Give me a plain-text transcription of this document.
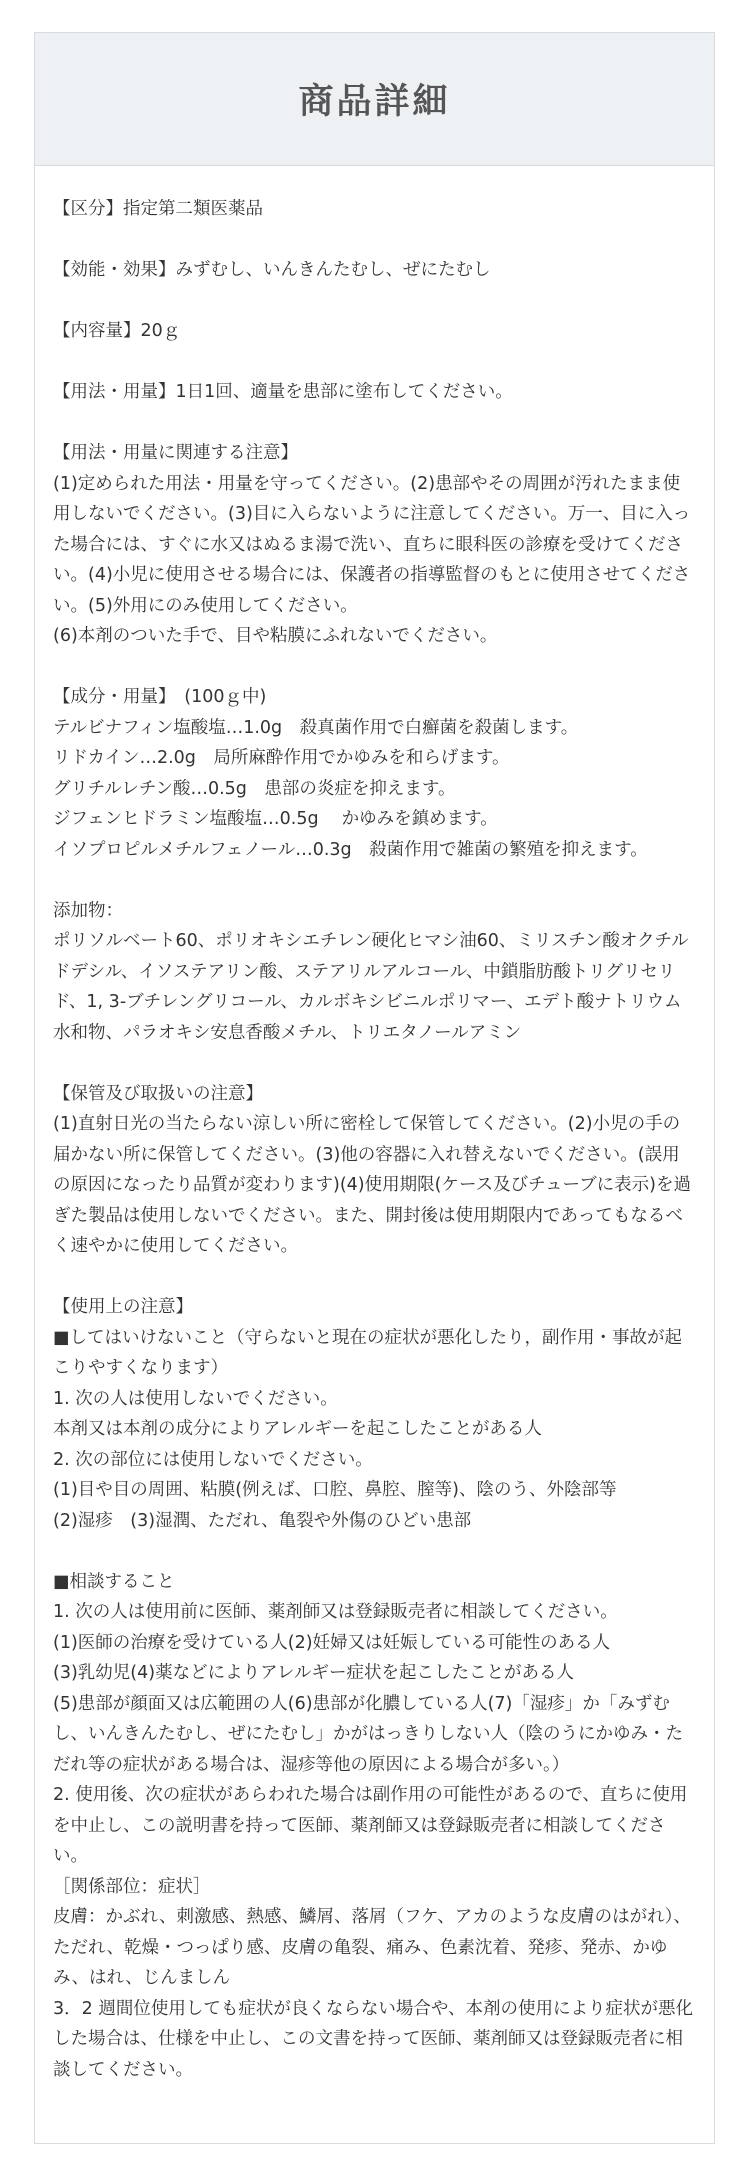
商品詳細

【区分】指定第二類医薬品

【効能・効果】みずむし、いんきんたむし、ぜにたむし

【内容量】20ｇ

【用法・用量】1日1回、適量を患部に塗布してください。

【用法・用量に関連する注意】
(1)定められた用法・用量を守ってください。(2)患部やその周囲が汚れたまま使用しないでください。(3)目に入らないように注意してください。万一、目に入った場合には、すぐに水又はぬるま湯で洗い、直ちに眼科医の診療を受けてください。(4)小児に使用させる場合には、保護者の指導監督のもとに使用させてください。(5)外用にのみ使用してください。
(6)本剤のついた手で、目や粘膜にふれないでください。

【成分・用量】　(100ｇ中)
テルビナフィン塩酸塩…1.0g　殺真菌作用で白癬菌を殺菌します。
リドカイン…2.0g　局所麻酔作用でかゆみを和らげます。
グリチルレチン酸…0.5g　患部の炎症を抑えます。
ジフェンヒドラミン塩酸塩…0.5g　 かゆみを鎮めます。
イソプロピルメチルフェノール…0.3g　殺菌作用で雑菌の繁殖を抑えます。

添加物：
ポリソルベート60、ポリオキシエチレン硬化ヒマシ油60、ミリスチン酸オクチルドデシル、イソステアリン酸、ステアリルアルコール、中鎖脂肪酸トリグリセリド、1, 3-ブチレングリコール、カルボキシビニルポリマー、エデト酸ナトリウム水和物、パラオキシ安息香酸メチル、トリエタノールアミン

【保管及び取扱いの注意】
(1)直射日光の当たらない涼しい所に密栓して保管してください。(2)小児の手の届かない所に保管してください。(3)他の容器に入れ替えないでください。(誤用の原因になったり品質が変わります)(4)使用期限(ケース及びチューブに表示)を過ぎた製品は使用しないでください。また、開封後は使用期限内であってもなるべく速やかに使用してください。

【使用上の注意】
■してはいけないこと（守らないと現在の症状が悪化したり，副作用・事故が起こりやすくなります）
1. 次の人は使用しないでください。
本剤又は本剤の成分によりアレルギーを起こしたことがある人
2. 次の部位には使用しないでください。
(1)目や目の周囲、粘膜(例えば、口腔、鼻腔、膣等)、陰のう、外陰部等
(2)湿疹　(3)湿潤、ただれ、亀裂や外傷のひどい患部

■相談すること
1. 次の人は使用前に医師、薬剤師又は登録販売者に相談してください。
(1)医師の治療を受けている人(2)妊婦又は妊娠している可能性のある人
(3)乳幼児(4)薬などによりアレルギー症状を起こしたことがある人
(5)患部が顔面又は広範囲の人(6)患部が化膿している人(7)「湿疹」か「みずむし、いんきんたむし、ぜにたむし」かがはっきりしない人（陰のうにかゆみ・ただれ等の症状がある場合は、湿疹等他の原因による場合が多い。）
2. 使用後、次の症状があらわれた場合は副作用の可能性があるので、直ちに使用を中止し、この説明書を持って医師、薬剤師又は登録販売者に相談してください。
［関係部位：症状］
皮膚：かぶれ、刺激感、熱感、鱗屑、落屑（フケ、アカのような皮膚のはがれ）、ただれ、乾燥・つっぱり感、皮膚の亀裂、痛み、色素沈着、発疹、発赤、かゆみ、はれ、じんましん
3．2 週間位使用しても症状が良くならない場合や、本剤の使用により症状が悪化した場合は、仕様を中止し、この文書を持って医師、薬剤師又は登録販売者に相談してください。
